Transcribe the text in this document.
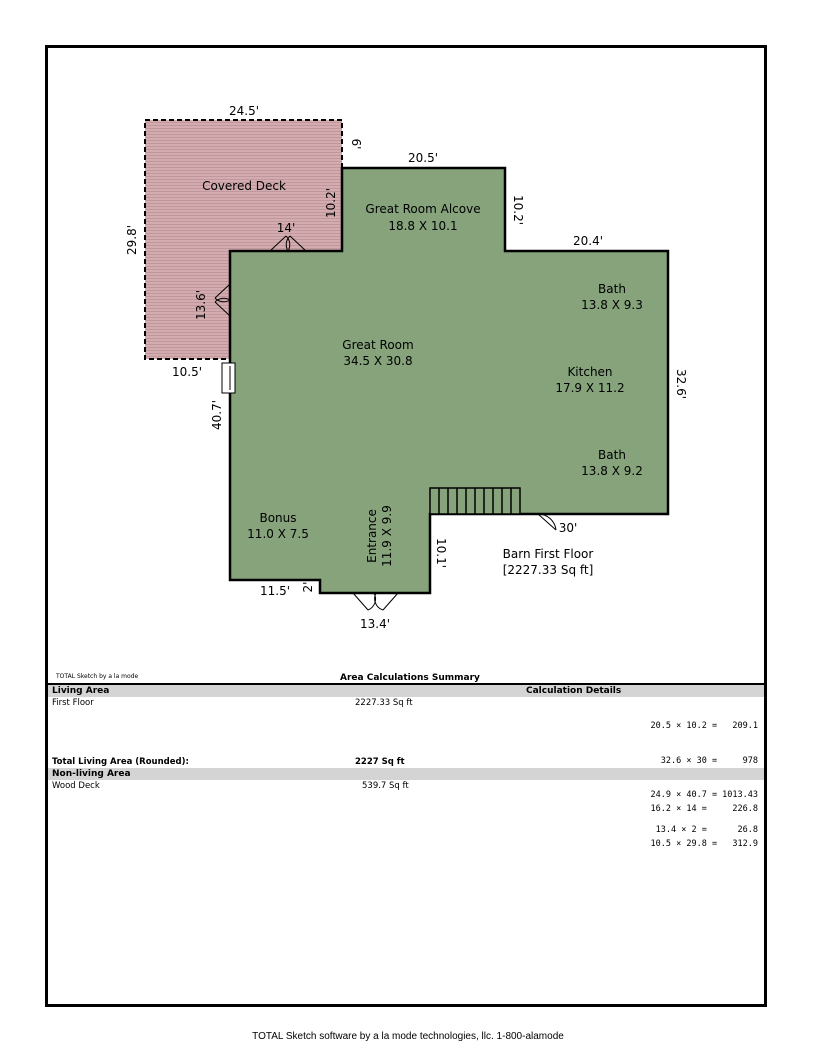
Covered Deck
Great Room Alcove
18.8 X 10.1
Bath
13.8 X 9.3
Great Room
34.5 X 30.8
Kitchen
17.9 X 11.2
Bath
13.8 X 9.2
Bonus
11.0 X 7.5	Entrance 11.9 X 9.9	Barn First Floor
[2227.33 Sq ft]
24.5'
6'
20.5'
10.2'	10.2'
20.4'
29.8'	14'
13.6'
10.5'	32.6'
40.7'
30'
10.1'
11.5' 2'
13.4'
TOTAL Sketch by a la mode	Area Calculations Summary
Living Area	Calculation Details
First Floor	2227.33 Sq ft

20.5 × 10.2 =   209.1

32.6 × 30 =     978

24.9 × 40.7 = 1013.43

13.4 × 2 =      26.8

Total Living Area (Rounded):	2227 Sq ft
Non-living Area
Wood Deck	539.7 Sq ft

16.2 × 14 =     226.8

10.5 × 29.8 =   312.9

TOTAL Sketch software by a la mode technologies, llc. 1-800-alamode
